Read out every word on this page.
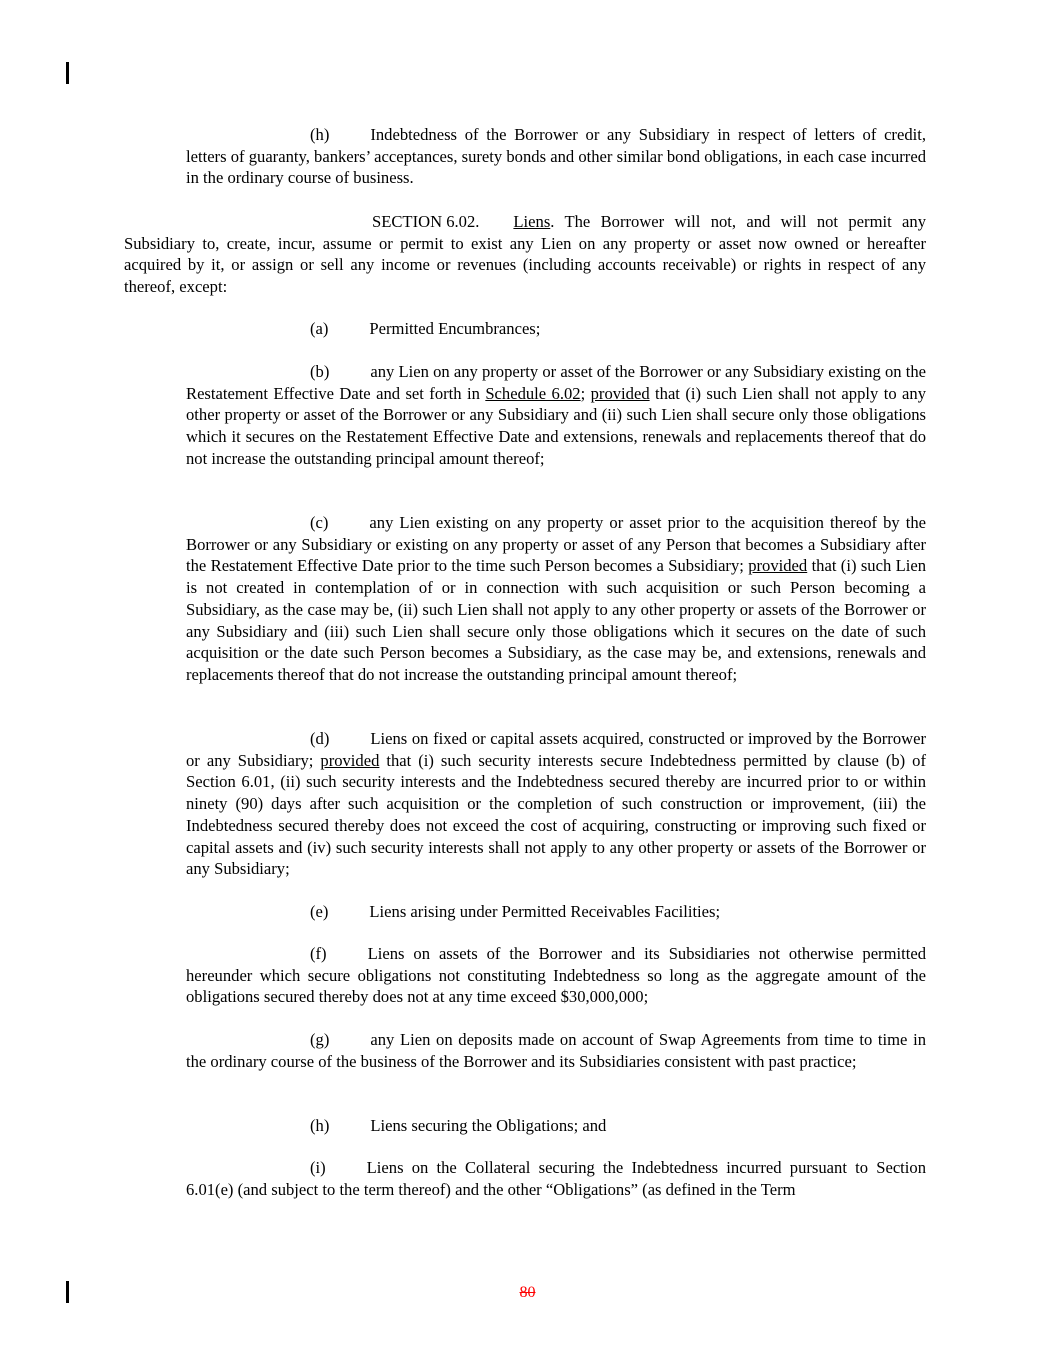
(h) Indebtedness of the Borrower or any Subsidiary in respect of letters of credit, letters of guaranty, bankers’ acceptances, surety bonds and other similar bond obligations, in each case incurred in the ordinary course of business.

SECTION 6.02. Liens. The Borrower will not, and will not permit any Subsidiary to, create, incur, assume or permit to exist any Lien on any property or asset now owned or hereafter acquired by it, or assign or sell any income or revenues (including accounts receivable) or rights in respect of any thereof, except:

(a) Permitted Encumbrances;

(b) any Lien on any property or asset of the Borrower or any Subsidiary existing on the Restatement Effective Date and set forth in Schedule 6.02; provided that (i) such Lien shall not apply to any other property or asset of the Borrower or any Subsidiary and (ii) such Lien shall secure only those obligations which it secures on the Restatement Effective Date and extensions, renewals and replacements thereof that do not increase the outstanding principal amount thereof;

(c) any Lien existing on any property or asset prior to the acquisition thereof by the Borrower or any Subsidiary or existing on any property or asset of any Person that becomes a Subsidiary after the Restatement Effective Date prior to the time such Person becomes a Subsidiary; provided that (i) such Lien is not created in contemplation of or in connection with such acquisition or such Person becoming a Subsidiary, as the case may be, (ii) such Lien shall not apply to any other property or assets of the Borrower or any Subsidiary and (iii) such Lien shall secure only those obligations which it secures on the date of such acquisition or the date such Person becomes a Subsidiary, as the case may be, and extensions, renewals and replacements thereof that do not increase the outstanding principal amount thereof;

(d) Liens on fixed or capital assets acquired, constructed or improved by the Borrower or any Subsidiary; provided that (i) such security interests secure Indebtedness permitted by clause (b) of Section 6.01, (ii) such security interests and the Indebtedness secured thereby are incurred prior to or within ninety (90) days after such acquisition or the completion of such construction or improvement, (iii) the Indebtedness secured thereby does not exceed the cost of acquiring, constructing or improving such fixed or capital assets and (iv) such security interests shall not apply to any other property or assets of the Borrower or any Subsidiary;

(e) Liens arising under Permitted Receivables Facilities;

(f) Liens on assets of the Borrower and its Subsidiaries not otherwise permitted hereunder which secure obligations not constituting Indebtedness so long as the aggregate amount of the obligations secured thereby does not at any time exceed $30,000,000;

(g) any Lien on deposits made on account of Swap Agreements from time to time in the ordinary course of the business of the Borrower and its Subsidiaries consistent with past practice;

(h) Liens securing the Obligations; and

(i) Liens on the Collateral securing the Indebtedness incurred pursuant to Section 6.01(e) (and subject to the term thereof) and the other “Obligations” (as defined in the Term

80
